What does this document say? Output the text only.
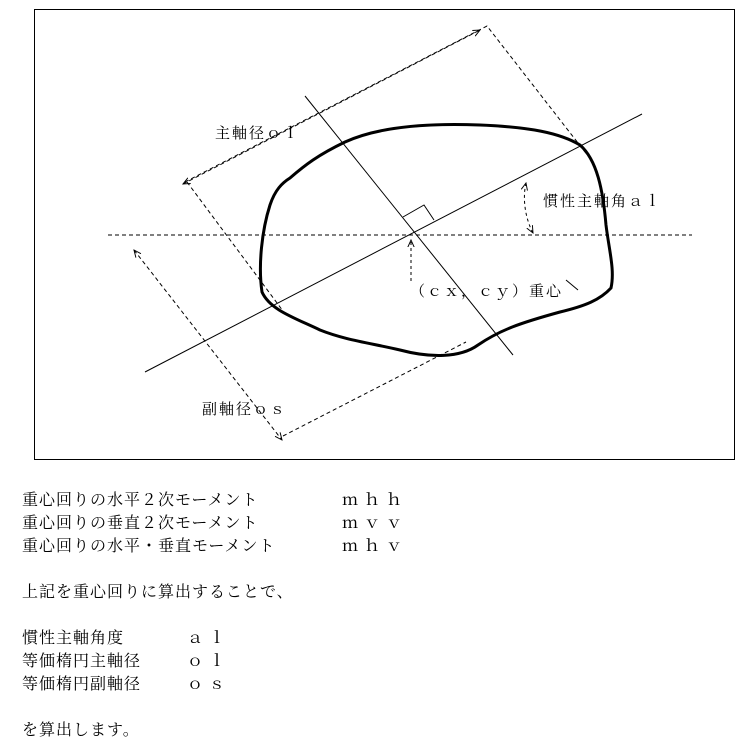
主軸径ｏｌ
慣性主軸角ａｌ
（ｃｘ，ｃｙ）重心
副軸径ｏｓ
重心回りの水平２次モーメント	ｍｈｈ
重心回りの垂直２次モーメント	ｍｖｖ
重心回りの水平・垂直モーメント	ｍｈｖ
上記を重心回りに算出することで、
慣性主軸角度	ａｌ
等価楕円主軸径	ｏｌ
等価楕円副軸径	ｏｓ
を算出します。
